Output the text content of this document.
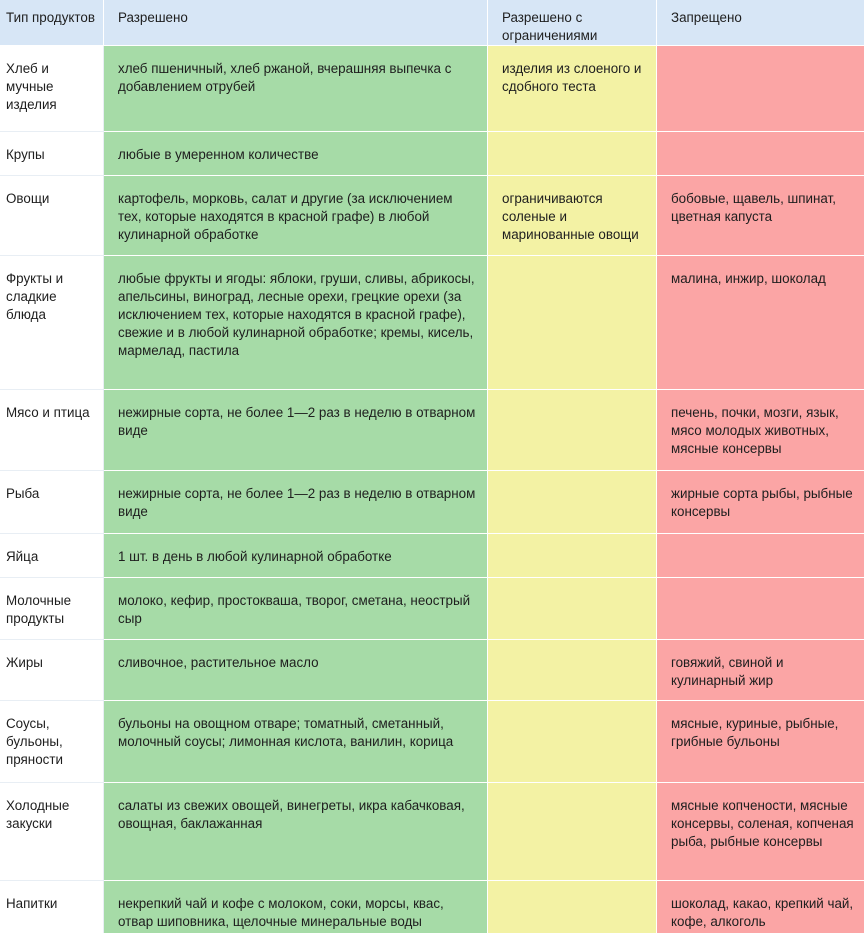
Тип продуктов	Разрешено	Разрешено с ограничениями	Запрещено
Хлеб и мучные изделия	хлеб пшеничный, хлеб ржаной, вчерашняя выпечка с добавлением отрубей	изделия из слоеного и сдобного теста	
Крупы	любые в умеренном количестве		
Овощи	картофель, морковь, салат и другие (за исключением тех, которые находятся в красной графе) в любой кулинарной обработке	ограничиваются соленые и маринованные овощи	бобовые, щавель, шпинат, цветная капуста
Фрукты и сладкие блюда	любые фрукты и ягоды: яблоки, груши, сливы, абрикосы, апельсины, виноград, лесные орехи, грецкие орехи (за исключением тех, которые находятся в красной графе), свежие и в любой кулинарной обработке; кремы, кисель, мармелад, пастила		малина, инжир, шоколад
Мясо и птица	нежирные сорта, не более 1—2 раз в неделю в отварном виде		печень, почки, мозги, язык, мясо молодых животных, мясные консервы
Рыба	нежирные сорта, не более 1—2 раз в неделю в отварном виде		жирные сорта рыбы, рыбные консервы
Яйца	1 шт. в день в любой кулинарной обработке		
Молочные продукты	молоко, кефир, простокваша, творог, сметана, неострый сыр		
Жиры	сливочное, растительное масло		говяжий, свиной и кулинарный жир
Соусы, бульоны, пряности	бульоны на овощном отваре; томатный, сметанный, молочный соусы; лимонная кислота, ванилин, корица		мясные, куриные, рыбные, грибные бульоны
Холодные закуски	салаты из свежих овощей, винегреты, икра кабачковая, овощная, баклажанная		мясные копчености, мясные консервы, соленая, копченая рыба, рыбные консервы
Напитки	некрепкий чай и кофе с молоком, соки, морсы, квас, отвар шиповника, щелочные минеральные воды		шоколад, какао, крепкий чай, кофе, алкоголь
